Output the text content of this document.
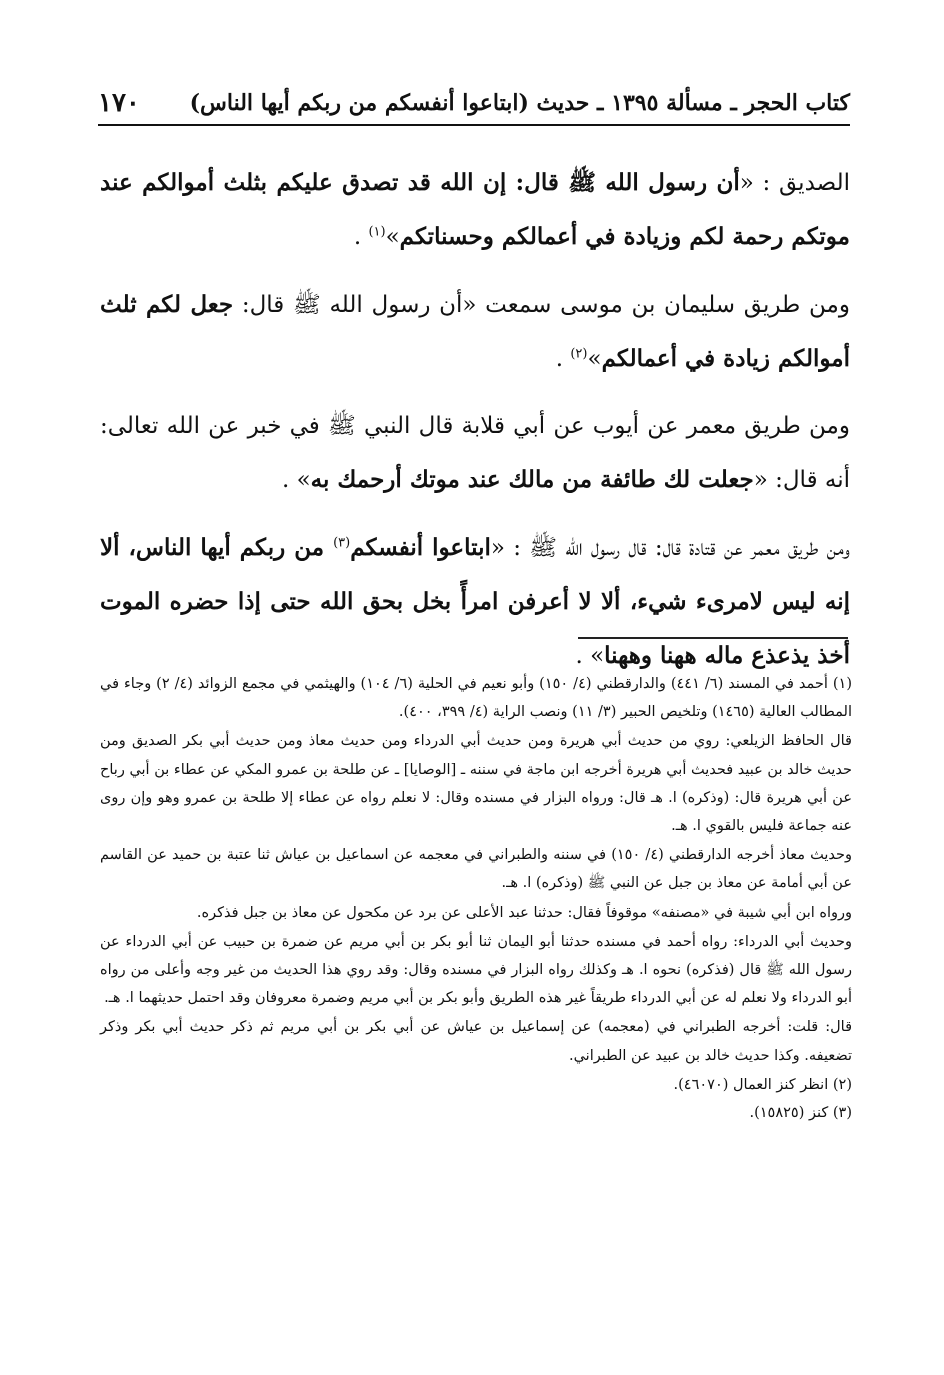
كتاب الحجر ـ مسألة ١٣٩٥ ـ حديث (ابتاعوا أنفسكم من ربكم أيها الناس)
١٧٠

الصديق : «أن رسول الله ﷺ قال: إن الله قد تصدق عليكم بثلث أموالكم عند موتكم رحمة لكم وزيادة في أعمالكم وحسناتكم»$^{(١)}$ .

ومن طريق سليمان بن موسى سمعت «أن رسول الله ﷺ قال: جعل لكم ثلث أموالكم زيادة في أعمالكم»$^{(٢)}$ .

ومن طريق معمر عن أيوب عن أبي قلابة قال النبي ﷺ في خبر عن الله تعالى: أنه قال: «جعلت لك طائفة من مالك عند موتك أرحمك به» .

ومن طريق معمر عن قتادة قال: قال رسول الله ﷺ : «ابتاعوا أنفسكم$^{(٣)}$ من ربكم أيها الناس، ألا إنه ليس لامرىء شيء، ألا لا أعرفن امرأً بخل بحق الله حتى إذا حضره الموت أخذ يذعذع ماله ههنا وههنا» .

(١) أحمد في المسند (٦/ ٤٤١) والدارقطني (٤/ ١٥٠) وأبو نعيم في الحلية (٦/ ١٠٤) والهيثمي في مجمع الزوائد (٤/ ٢) وجاء في المطالب العالية (١٤٦٥) وتلخيص الحبير (٣/ ١١) ونصب الراية (٤/ ٣٩٩، ٤٠٠).

قال الحافظ الزيلعي: روي من حديث أبي هريرة ومن حديث أبي الدرداء ومن حديث معاذ ومن حديث أبي بكر الصديق ومن حديث خالد بن عبيد فحديث أبي هريرة أخرجه ابن ماجة في سننه ـ [الوصايا] ـ عن طلحة بن عمرو المكي عن عطاء بن أبي رباح عن أبي هريرة قال: (وذكره) ا. هـ قال: ورواه البزار في مسنده وقال: لا نعلم رواه عن عطاء إلا طلحة بن عمرو وهو وإن روى عنه جماعة فليس بالقوي ا. هـ.

وحديث معاذ أخرجه الدارقطني (٤/ ١٥٠) في سننه والطبراني في معجمه عن اسماعيل بن عياش ثنا عتبة بن حميد عن القاسم عن أبي أمامة عن معاذ بن جبل عن النبي ﷺ (وذكره) ا. هـ.

ورواه ابن أبي شيبة في «مصنفه» موقوفاً فقال: حدثنا عبد الأعلى عن برد عن مكحول عن معاذ بن جبل فذكره.

وحديث أبي الدرداء: رواه أحمد في مسنده حدثنا أبو اليمان ثنا أبو بكر بن أبي مريم عن ضمرة بن حبيب عن أبي الدرداء عن رسول الله ﷺ قال (فذكره) نحوه ا. هـ وكذلك رواه البزار في مسنده وقال: وقد روي هذا الحديث من غير وجه وأعلى من رواه أبو الدرداء ولا نعلم له عن أبي الدرداء طريقاً غير هذه الطريق وأبو بكر بن أبي مريم وضمرة معروفان وقد احتمل حديثهما ا. هـ.

قال: قلت: أخرجه الطبراني في (معجمه) عن إسماعيل بن عياش عن أبي بكر بن أبي مريم ثم ذكر حديث أبي بكر وذكر تضعيفه. وكذا حديث خالد بن عبيد عن الطبراني.

(٢) انظر كنز العمال (٤٦٠٧٠).

(٣) كنز (١٥٨٢٥).
